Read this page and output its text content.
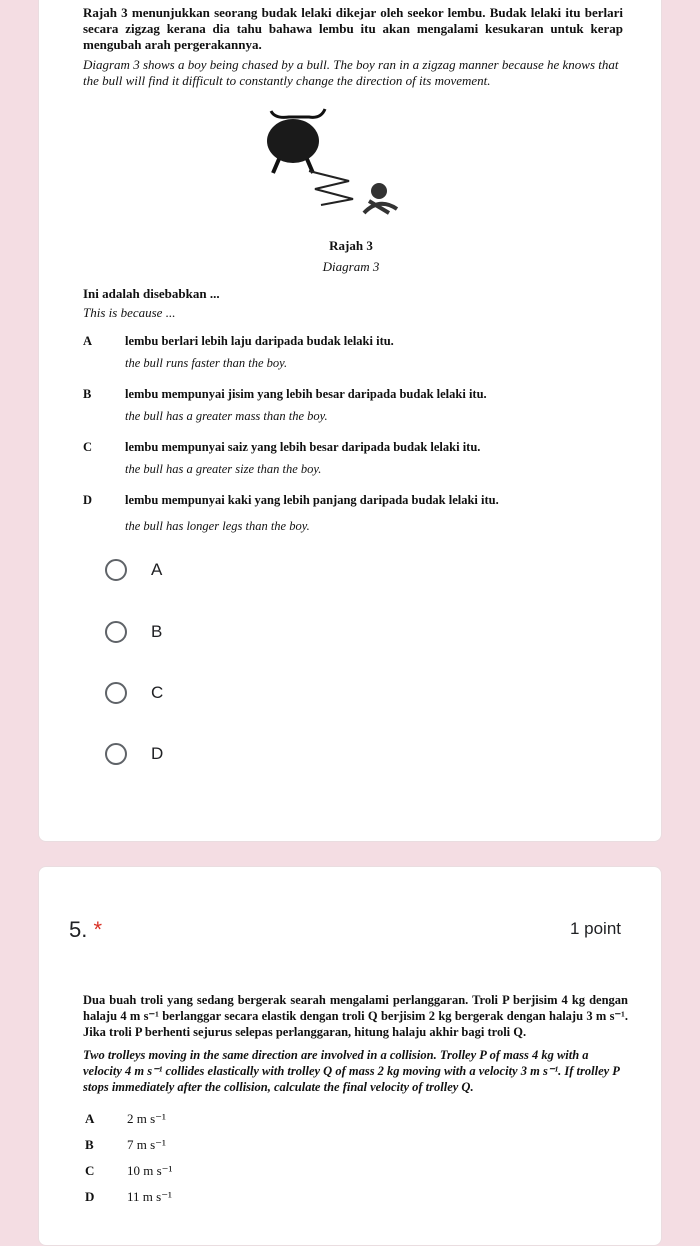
Rajah 3 menunjukkan seorang budak lelaki dikejar oleh seekor lembu. Budak lelaki itu berlari secara zigzag kerana dia tahu bahawa lembu itu akan mengalami kesukaran untuk kerap mengubah arah pergerakannya.

Diagram 3 shows a boy being chased by a bull. The boy ran in a zigzag manner because he knows that the bull will find it difficult to constantly change the direction of its movement.

Rajah 3

Diagram 3

Ini adalah disebabkan ...

This is because ...

A	lembu berlari lebih laju daripada budak lelaki itu.

the bull runs faster than the boy.

B	lembu mempunyai jisim yang lebih besar daripada budak lelaki itu.

the bull has a greater mass than the boy.

C	lembu mempunyai saiz yang lebih besar daripada budak lelaki itu.

the bull has a greater size than the boy.

D	lembu mempunyai kaki yang lebih panjang daripada budak lelaki itu.

the bull has longer legs than the boy.

A
B
C
D
5. *	1 point

Dua buah troli yang sedang bergerak searah mengalami perlanggaran. Troli P berjisim 4 kg dengan halaju 4 m s⁻¹ berlanggar secara elastik dengan troli Q berjisim 2 kg bergerak dengan halaju 3 m s⁻¹. Jika troli P berhenti sejurus selepas perlanggaran, hitung halaju akhir bagi troli Q.

Two trolleys moving in the same direction are involved in a collision. Trolley P of mass 4 kg with a velocity 4 m s⁻¹ collides elastically with trolley Q of mass 2 kg moving with a velocity 3 m s⁻¹. If trolley P stops immediately after the collision, calculate the final velocity of trolley Q.

A	2 m s⁻¹
B	7 m s⁻¹
C	10 m s⁻¹
D	11 m s⁻¹
